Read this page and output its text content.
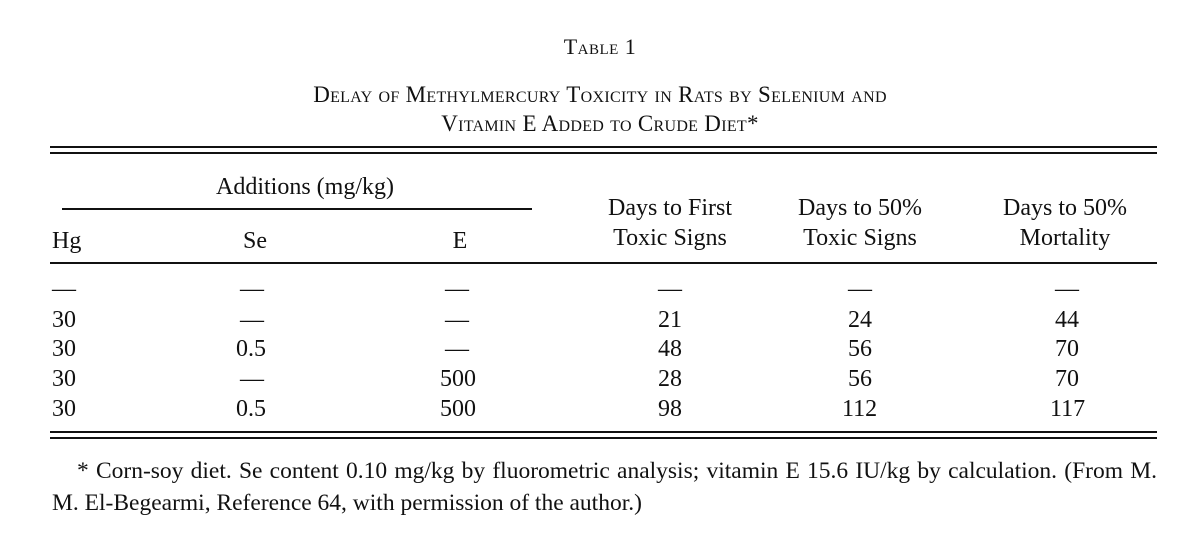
Table 1
Delay of Methylmercury Toxicity in Rats by Selenium and
Vitamin E Added to Crude Diet*
Additions (mg/kg)
Hg	Se	E
Days to First
Toxic Signs
Days to 50%
Toxic Signs
Days to 50%
Mortality
—	—	—	—	—	—
30	—	—	21	24	44
30	0.5	—	48	56	70
30	—	500	28	56	70
30	0.5	500	98	112	117
* Corn-soy diet. Se content 0.10 mg/kg by fluorometric analysis; vitamin E 15.6 IU/kg by calculation. (From M. M. El-Begearmi, Reference 64, with permission of the author.)
